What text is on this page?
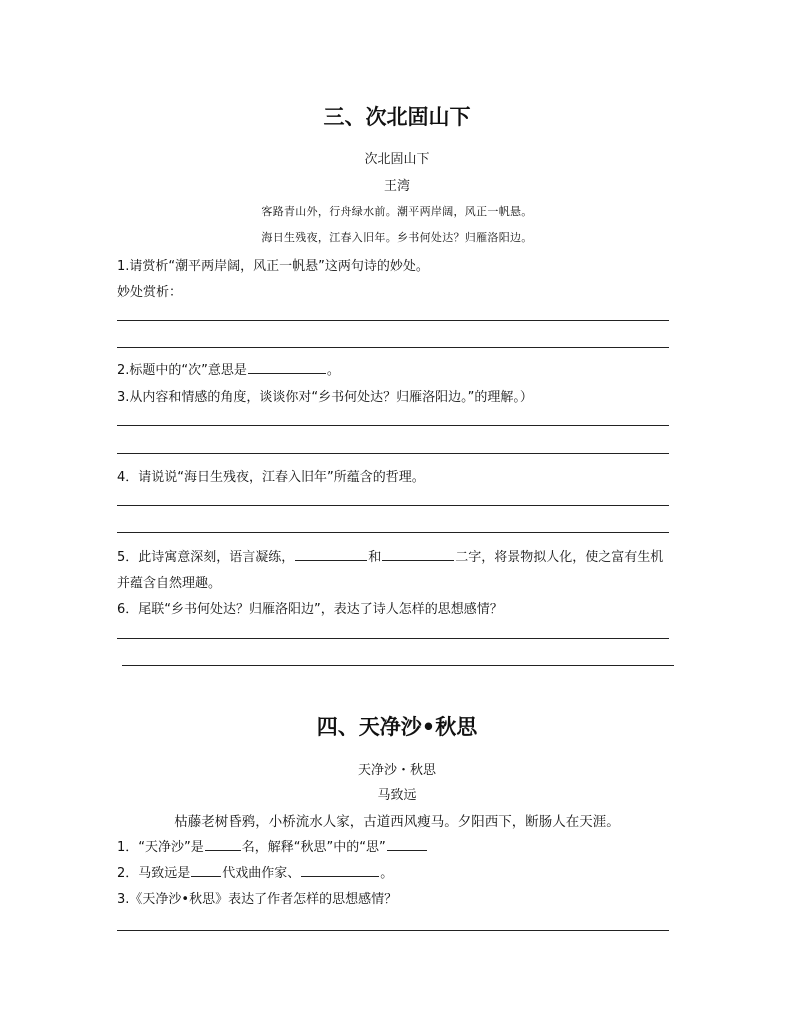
三、次北固山下
次北固山下
王湾
客路青山外，行舟绿水前。潮平两岸阔，风正一帆悬。
海日生残夜，江春入旧年。乡书何处达？归雁洛阳边。
1.请赏析“潮平两岸阔，风正一帆悬”这两句诗的妙处。
妙处赏析：
2.标题中的“次”意思是	。
3.从内容和情感的角度，谈谈你对“乡书何处达？归雁洛阳边。”的理解。）
4．请说说“海日生残夜，江春入旧年”所蕴含的哲理。
5．此诗寓意深刻，语言凝练，	和	二字，将景物拟人化，使之富有生机
并蕴含自然理趣。
6．尾联“乡书何处达？归雁洛阳边”，表达了诗人怎样的思想感情？
四、天净沙•秋思
天净沙・秋思
马致远
枯藤老树昏鸦，小桥流水人家，古道西风瘦马。夕阳西下，断肠人在天涯。
1．“天净沙”是	名，解释“秋思”中的“思”
2．马致远是 代戏曲作家、	。
3.《天净沙•秋思》表达了作者怎样的思想感情？
